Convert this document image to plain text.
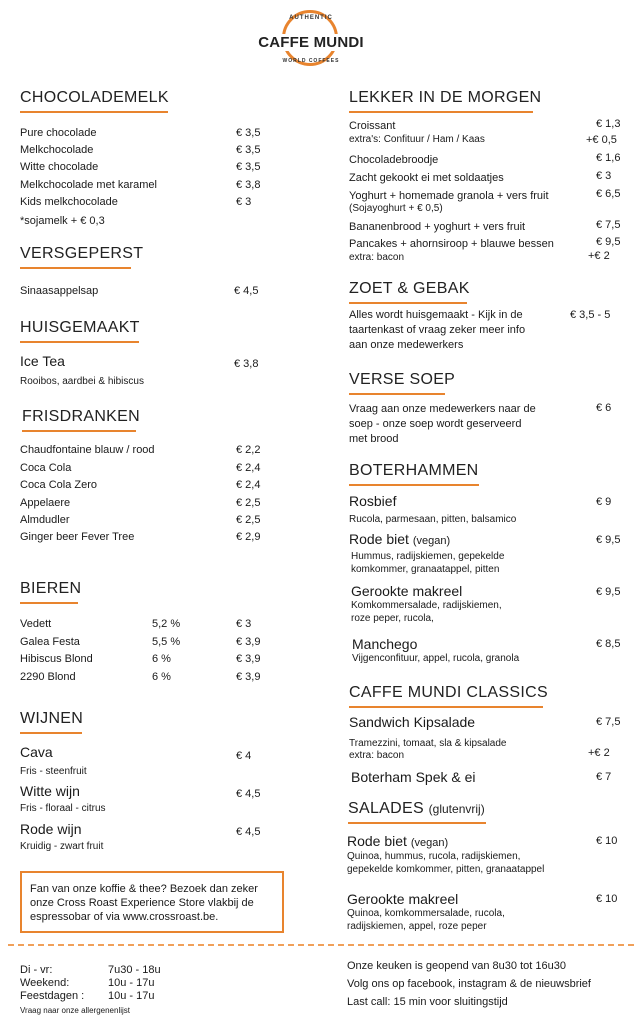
AUTHENTIC
CAFFE MUNDI
WORLD COFFEES
CHOCOLADEMELK
Pure chocolade	€ 3,5
Melkchocolade	€ 3,5
Witte chocolade	€ 3,5
Melkchocolade met karamel	€ 3,8
Kids melkchocolade	€ 3
*sojamelk + € 0,3
VERSGEPERST
Sinaasappelsap	€ 4,5
HUISGEMAAKT
Ice Tea
Rooibos, aardbei & hibiscus
€ 3,8
FRISDRANKEN
Chaudfontaine blauw / rood	€ 2,2
Coca Cola	€ 2,4
Coca Cola Zero	€ 2,4
Appelaere	€ 2,5
Almdudler	€ 2,5
Ginger beer Fever Tree	€ 2,9
BIEREN
Vedett	5,2 %	€ 3
Galea Festa	5,5 %	€ 3,9
Hibiscus Blond	6 %	€ 3,9
2290 Blond	6 %	€ 3,9
WIJNEN
Cava
Fris - steenfruit
€ 4
Witte wijn
Fris - floraal - citrus
€ 4,5
Rode wijn
Kruidig - zwart fruit
€ 4,5
Fan van onze koffie & thee? Bezoek dan zeker onze Cross Roast Experience Store vlakbij de espressobar of via www.crossroast.be.
LEKKER IN DE MORGEN
Croissant
extra's: Confituur / Ham / Kaas
€ 1,3
+€ 0,5
Chocoladebroodje	€ 1,6
Zacht gekookt ei met soldaatjes	€ 3
Yoghurt + homemade granola + vers fruit
(Sojayoghurt + € 0,5)
€ 6,5
Bananenbrood + yoghurt + vers fruit	€ 7,5
Pancakes + ahornsiroop + blauwe bessen
extra: bacon
€ 9,5
+€ 2
ZOET & GEBAK
Alles wordt huisgemaakt - Kijk in de
taartenkast of vraag zeker meer info
aan onze medewerkers
€ 3,5 - 5
VERSE SOEP
Vraag aan onze medewerkers naar de
soep - onze soep wordt geserveerd
met brood
€ 6
BOTERHAMMEN
Rosbief
Rucola, parmesaan, pitten, balsamico
€ 9
Rode biet (vegan)
Hummus, radijskiemen, gepekelde
komkommer, granaatappel, pitten
€ 9,5
Gerookte makreel
Komkommersalade, radijskiemen,
roze peper, rucola,
€ 9,5
Manchego
Vijgenconfituur, appel, rucola, granola
€ 8,5
CAFFE MUNDI CLASSICS
Sandwich Kipsalade
Tramezzini, tomaat, sla & kipsalade
extra: bacon
€ 7,5
+€ 2
Boterham Spek & ei	€ 7
SALADES (glutenvrij)
Rode biet (vegan)
Quinoa, hummus, rucola, radijskiemen,
gepekelde komkommer, pitten, granaatappel
€ 10
Gerookte makreel
Quinoa, komkommersalade, rucola,
radijskiemen, appel, roze peper
€ 10
Di - vr:	7u30 - 18u
Weekend:	10u - 17u
Feestdagen : 10u - 17u
Vraag naar onze allergenenlijst
Onze keuken is geopend van 8u30 tot 16u30
Volg ons op facebook, instagram & de nieuwsbrief
Last call: 15 min voor sluitingstijd
